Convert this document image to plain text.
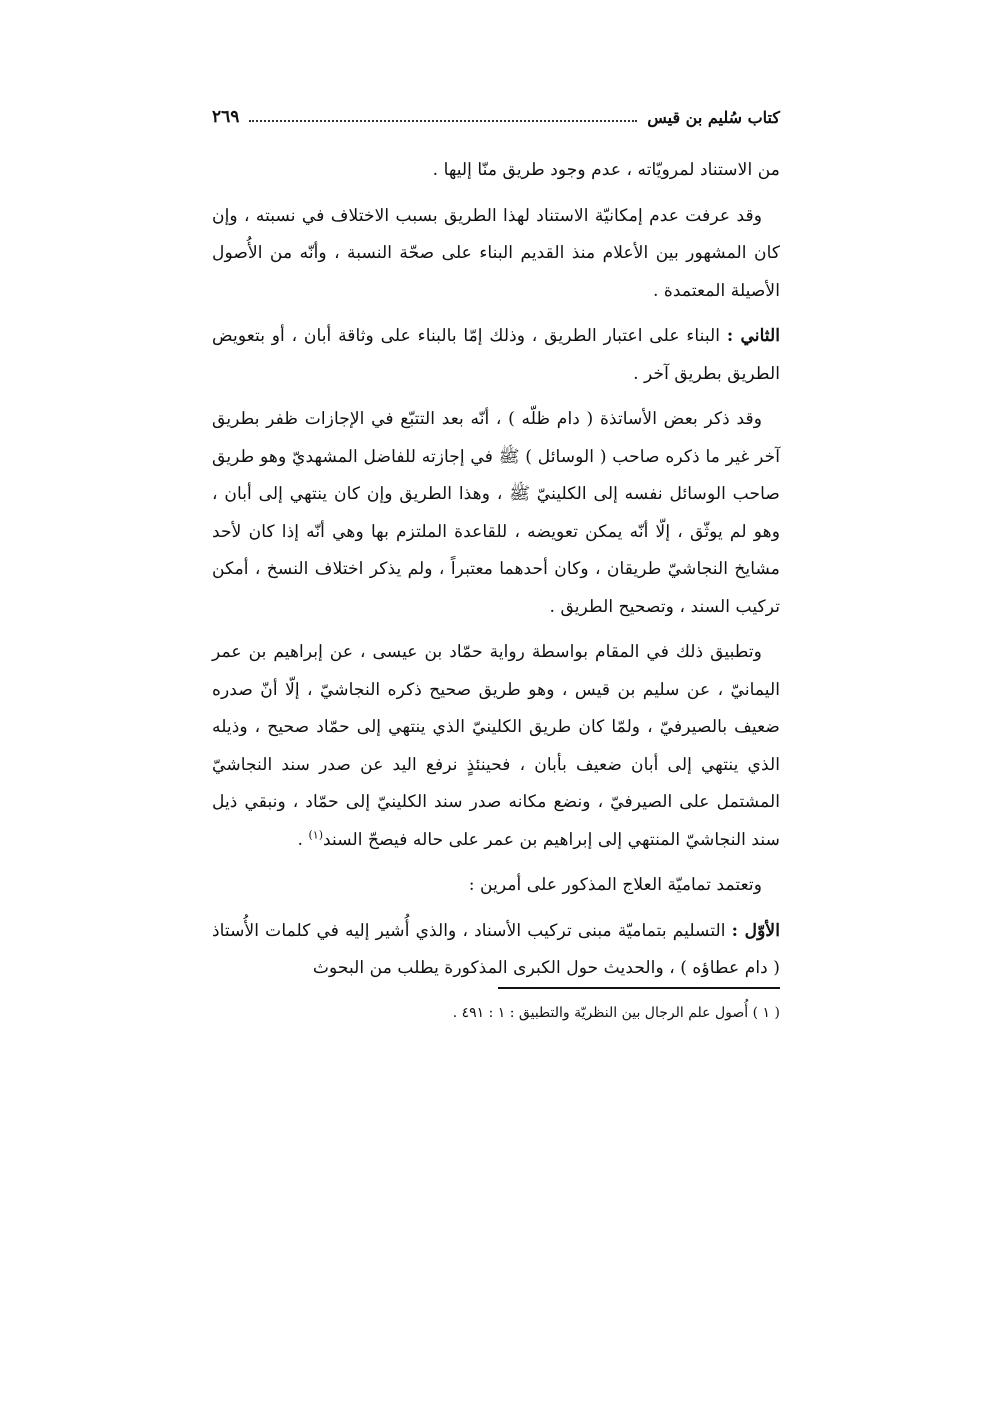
كتاب سُليم بن قيس
٢٦٩

من الاستناد لمرويّاته ، عدم وجود طريق منّا إليها .

وقد عرفت عدم إمكانيّة الاستناد لهذا الطريق بسبب الاختلاف في نسبته ، وإن كان المشهور بين الأعلام منذ القديم البناء على صحّة النسبة ، وأنّه من الأُصول الأصيلة المعتمدة .

الثاني : البناء على اعتبار الطريق ، وذلك إمّا بالبناء على وثاقة أبان ، أو بتعويض الطريق بطريق آخر .

وقد ذكر بعض الأساتذة ( دام ظلّه ) ، أنّه بعد التتبّع في الإجازات ظفر بطريق آخر غير ما ذكره صاحب ( الوسائل ) ﷺ في إجازته للفاضل المشهديّ وهو طريق صاحب الوسائل نفسه إلى الكلينيّ ﷺ ، وهذا الطريق وإن كان ينتهي إلى أبان ، وهو لم يوثّق ، إلّا أنّه يمكن تعويضه ، للقاعدة الملتزم بها وهي أنّه إذا كان لأحد مشايخ النجاشيّ طريقان ، وكان أحدهما معتبراً ، ولم يذكر اختلاف النسخ ، أمكن تركيب السند ، وتصحيح الطريق .

وتطبيق ذلك في المقام بواسطة رواية حمّاد بن عيسى ، عن إبراهيم بن عمر اليمانيّ ، عن سليم بن قيس ، وهو طريق صحيح ذكره النجاشيّ ، إلّا أنّ صدره ضعيف بالصيرفيّ ، ولمّا كان طريق الكلينيّ الذي ينتهي إلى حمّاد صحيح ، وذيله الذي ينتهي إلى أبان ضعيف بأبان ، فحينئذٍ نرفع اليد عن صدر سند النجاشيّ المشتمل على الصيرفيّ ، ونضع مكانه صدر سند الكلينيّ إلى حمّاد ، ونبقي ذيل سند النجاشيّ المنتهي إلى إبراهيم بن عمر على حاله فيصحّ السند$^{(١)}$ .

وتعتمد تماميّة العلاج المذكور على أمرين :

الأوّل : التسليم بتماميّة مبنى تركيب الأسناد ، والذي أُشير إليه في كلمات الأُستاذ ( دام عطاؤه ) ، والحديث حول الكبرى المذكورة يطلب من البحوث

( ١ ) أُصول علم الرجال بين النظريّة والتطبيق : ١ : ٤٩١ .
